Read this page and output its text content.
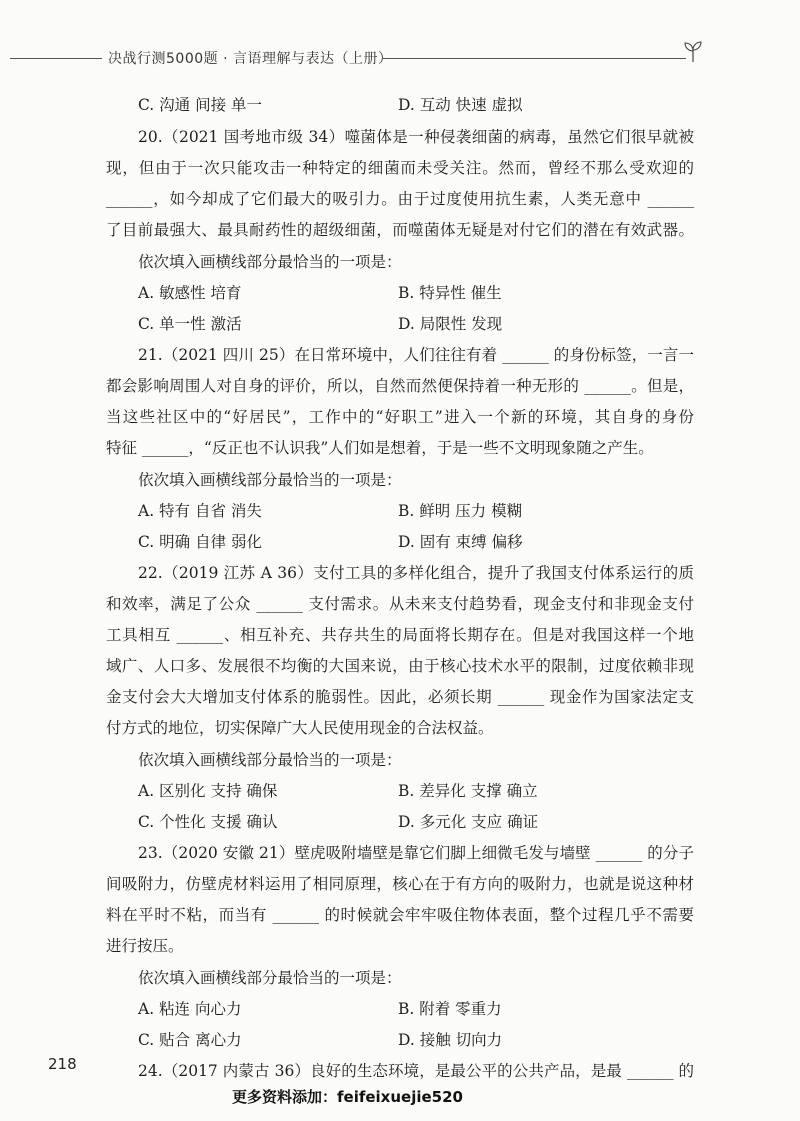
决战行测5000题 · 言语理解与表达（上册）
C. 沟通 间接 单一	D. 互动 快速 虚拟
20.（2021 国考地市级 34）噬菌体是一种侵袭细菌的病毒，虽然它们很早就被
现，但由于一次只能攻击一种特定的细菌而未受关注。然而，曾经不那么受欢迎的
______，如今却成了它们最大的吸引力。由于过度使用抗生素，人类无意中 ______
了目前最强大、最具耐药性的超级细菌，而噬菌体无疑是对付它们的潜在有效武器。
依次填入画横线部分最恰当的一项是：
A. 敏感性 培育	B. 特异性 催生
C. 单一性 激活	D. 局限性 发现
21.（2021 四川 25）在日常环境中，人们往往有着 ______ 的身份标签，一言一
都会影响周围人对自身的评价，所以，自然而然便保持着一种无形的 ______。但是，
当这些社区中的“好居民”，工作中的“好职工”进入一个新的环境，其自身的身份
特征 ______，“反正也不认识我”人们如是想着，于是一些不文明现象随之产生。
依次填入画横线部分最恰当的一项是：
A. 特有 自省 消失	B. 鲜明 压力 模糊
C. 明确 自律 弱化	D. 固有 束缚 偏移
22.（2019 江苏 A 36）支付工具的多样化组合，提升了我国支付体系运行的质
和效率，满足了公众 ______ 支付需求。从未来支付趋势看，现金支付和非现金支付
工具相互 ______、相互补充、共存共生的局面将长期存在。但是对我国这样一个地
域广、人口多、发展很不均衡的大国来说，由于核心技术水平的限制，过度依赖非现
金支付会大大增加支付体系的脆弱性。因此，必须长期 ______ 现金作为国家法定支
付方式的地位，切实保障广大人民使用现金的合法权益。
依次填入画横线部分最恰当的一项是：
A. 区别化 支持 确保	B. 差异化 支撑 确立
C. 个性化 支援 确认	D. 多元化 支应 确证
23.（2020 安徽 21）壁虎吸附墙壁是靠它们脚上细微毛发与墙壁 ______ 的分子
间吸附力，仿壁虎材料运用了相同原理，核心在于有方向的吸附力，也就是说这种材
料在平时不粘，而当有 ______ 的时候就会牢牢吸住物体表面，整个过程几乎不需要
进行按压。
依次填入画横线部分最恰当的一项是：
A. 粘连 向心力	B. 附着 零重力
C. 贴合 离心力	D. 接触 切向力
24.（2017 内蒙古 36）良好的生态环境，是最公平的公共产品，是最 ______ 的
218
更多资料添加：feifeixuejie520
